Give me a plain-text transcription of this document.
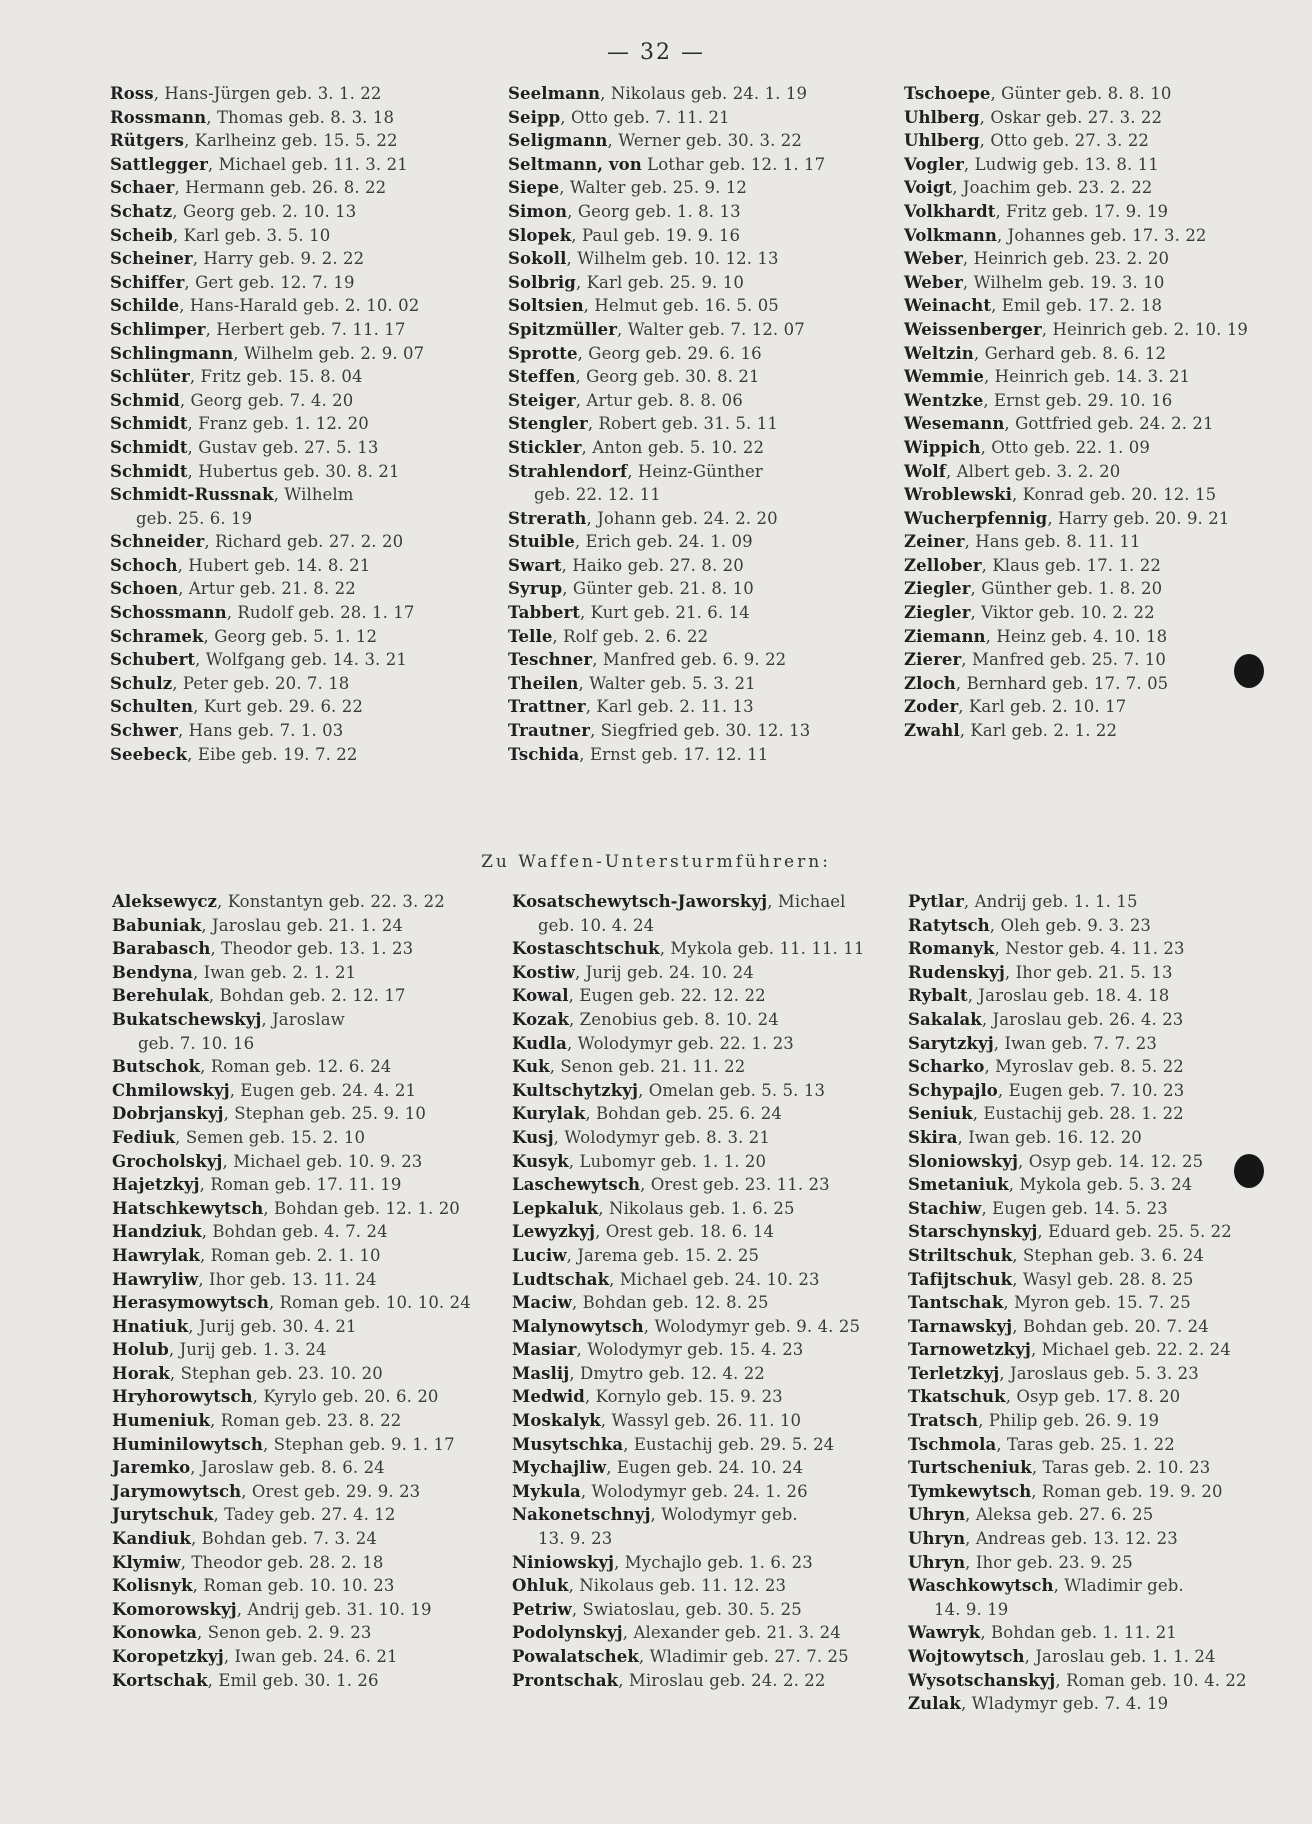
— 32 —
Ross, Hans-Jürgen geb. 3. 1. 22
Rossmann, Thomas geb. 8. 3. 18
Rütgers, Karlheinz geb. 15. 5. 22
Sattlegger, Michael geb. 11. 3. 21
Schaer, Hermann geb. 26. 8. 22
Schatz, Georg geb. 2. 10. 13
Scheib, Karl geb. 3. 5. 10
Scheiner, Harry geb. 9. 2. 22
Schiffer, Gert geb. 12. 7. 19
Schilde, Hans-Harald geb. 2. 10. 02
Schlimper, Herbert geb. 7. 11. 17
Schlingmann, Wilhelm geb. 2. 9. 07
Schlüter, Fritz geb. 15. 8. 04
Schmid, Georg geb. 7. 4. 20
Schmidt, Franz geb. 1. 12. 20
Schmidt, Gustav geb. 27. 5. 13
Schmidt, Hubertus geb. 30. 8. 21
Schmidt-Russnak, Wilhelm
geb. 25. 6. 19
Schneider, Richard geb. 27. 2. 20
Schoch, Hubert geb. 14. 8. 21
Schoen, Artur geb. 21. 8. 22
Schossmann, Rudolf geb. 28. 1. 17
Schramek, Georg geb. 5. 1. 12
Schubert, Wolfgang geb. 14. 3. 21
Schulz, Peter geb. 20. 7. 18
Schulten, Kurt geb. 29. 6. 22
Schwer, Hans geb. 7. 1. 03
Seebeck, Eibe geb. 19. 7. 22
Seelmann, Nikolaus geb. 24. 1. 19
Seipp, Otto geb. 7. 11. 21
Seligmann, Werner geb. 30. 3. 22
Seltmann, von Lothar geb. 12. 1. 17
Siepe, Walter geb. 25. 9. 12
Simon, Georg geb. 1. 8. 13
Slopek, Paul geb. 19. 9. 16
Sokoll, Wilhelm geb. 10. 12. 13
Solbrig, Karl geb. 25. 9. 10
Soltsien, Helmut geb. 16. 5. 05
Spitzmüller, Walter geb. 7. 12. 07
Sprotte, Georg geb. 29. 6. 16
Steffen, Georg geb. 30. 8. 21
Steiger, Artur geb. 8. 8. 06
Stengler, Robert geb. 31. 5. 11
Stickler, Anton geb. 5. 10. 22
Strahlendorf, Heinz-Günther
geb. 22. 12. 11
Strerath, Johann geb. 24. 2. 20
Stuible, Erich geb. 24. 1. 09
Swart, Haiko geb. 27. 8. 20
Syrup, Günter geb. 21. 8. 10
Tabbert, Kurt geb. 21. 6. 14
Telle, Rolf geb. 2. 6. 22
Teschner, Manfred geb. 6. 9. 22
Theilen, Walter geb. 5. 3. 21
Trattner, Karl geb. 2. 11. 13
Trautner, Siegfried geb. 30. 12. 13
Tschida, Ernst geb. 17. 12. 11
Tschoepe, Günter geb. 8. 8. 10
Uhlberg, Oskar geb. 27. 3. 22
Uhlberg, Otto geb. 27. 3. 22
Vogler, Ludwig geb. 13. 8. 11
Voigt, Joachim geb. 23. 2. 22
Volkhardt, Fritz geb. 17. 9. 19
Volkmann, Johannes geb. 17. 3. 22
Weber, Heinrich geb. 23. 2. 20
Weber, Wilhelm geb. 19. 3. 10
Weinacht, Emil geb. 17. 2. 18
Weissenberger, Heinrich geb. 2. 10. 19
Weltzin, Gerhard geb. 8. 6. 12
Wemmie, Heinrich geb. 14. 3. 21
Wentzke, Ernst geb. 29. 10. 16
Wesemann, Gottfried geb. 24. 2. 21
Wippich, Otto geb. 22. 1. 09
Wolf, Albert geb. 3. 2. 20
Wroblewski, Konrad geb. 20. 12. 15
Wucherpfennig, Harry geb. 20. 9. 21
Zeiner, Hans geb. 8. 11. 11
Zellober, Klaus geb. 17. 1. 22
Ziegler, Günther geb. 1. 8. 20
Ziegler, Viktor geb. 10. 2. 22
Ziemann, Heinz geb. 4. 10. 18
Zierer, Manfred geb. 25. 7. 10
Zloch, Bernhard geb. 17. 7. 05
Zoder, Karl geb. 2. 10. 17
Zwahl, Karl geb. 2. 1. 22
Zu Waffen-Untersturmführern:
Aleksewycz, Konstantyn geb. 22. 3. 22
Babuniak, Jaroslau geb. 21. 1. 24
Barabasch, Theodor geb. 13. 1. 23
Bendyna, Iwan geb. 2. 1. 21
Berehulak, Bohdan geb. 2. 12. 17
Bukatschewskyj, Jaroslaw
geb. 7. 10. 16
Butschok, Roman geb. 12. 6. 24
Chmilowskyj, Eugen geb. 24. 4. 21
Dobrjanskyj, Stephan geb. 25. 9. 10
Fediuk, Semen geb. 15. 2. 10
Grocholskyj, Michael geb. 10. 9. 23
Hajetzkyj, Roman geb. 17. 11. 19
Hatschkewytsch, Bohdan geb. 12. 1. 20
Handziuk, Bohdan geb. 4. 7. 24
Hawrylak, Roman geb. 2. 1. 10
Hawryliw, Ihor geb. 13. 11. 24
Herasymowytsch, Roman geb. 10. 10. 24
Hnatiuk, Jurij geb. 30. 4. 21
Holub, Jurij geb. 1. 3. 24
Horak, Stephan geb. 23. 10. 20
Hryhorowytsch, Kyrylo geb. 20. 6. 20
Humeniuk, Roman geb. 23. 8. 22
Huminilowytsch, Stephan geb. 9. 1. 17
Jaremko, Jaroslaw geb. 8. 6. 24
Jarymowytsch, Orest geb. 29. 9. 23
Jurytschuk, Tadey geb. 27. 4. 12
Kandiuk, Bohdan geb. 7. 3. 24
Klymiw, Theodor geb. 28. 2. 18
Kolisnyk, Roman geb. 10. 10. 23
Komorowskyj, Andrij geb. 31. 10. 19
Konowka, Senon geb. 2. 9. 23
Koropetzkyj, Iwan geb. 24. 6. 21
Kortschak, Emil geb. 30. 1. 26
Kosatschewytsch-Jaworskyj, Michael
geb. 10. 4. 24
Kostaschtschuk, Mykola geb. 11. 11. 11
Kostiw, Jurij geb. 24. 10. 24
Kowal, Eugen geb. 22. 12. 22
Kozak, Zenobius geb. 8. 10. 24
Kudla, Wolodymyr geb. 22. 1. 23
Kuk, Senon geb. 21. 11. 22
Kultschytzkyj, Omelan geb. 5. 5. 13
Kurylak, Bohdan geb. 25. 6. 24
Kusj, Wolodymyr geb. 8. 3. 21
Kusyk, Lubomyr geb. 1. 1. 20
Laschewytsch, Orest geb. 23. 11. 23
Lepkaluk, Nikolaus geb. 1. 6. 25
Lewyzkyj, Orest geb. 18. 6. 14
Luciw, Jarema geb. 15. 2. 25
Ludtschak, Michael geb. 24. 10. 23
Maciw, Bohdan geb. 12. 8. 25
Malynowytsch, Wolodymyr geb. 9. 4. 25
Masiar, Wolodymyr geb. 15. 4. 23
Maslij, Dmytro geb. 12. 4. 22
Medwid, Kornylo geb. 15. 9. 23
Moskalyk, Wassyl geb. 26. 11. 10
Musytschka, Eustachij geb. 29. 5. 24
Mychajliw, Eugen geb. 24. 10. 24
Mykula, Wolodymyr geb. 24. 1. 26
Nakonetschnyj, Wolodymyr geb.
13. 9. 23
Niniowskyj, Mychajlo geb. 1. 6. 23
Ohluk, Nikolaus geb. 11. 12. 23
Petriw, Swiatoslau, geb. 30. 5. 25
Podolynskyj, Alexander geb. 21. 3. 24
Powalatschek, Wladimir geb. 27. 7. 25
Prontschak, Miroslau geb. 24. 2. 22
Pytlar, Andrij geb. 1. 1. 15
Ratytsch, Oleh geb. 9. 3. 23
Romanyk, Nestor geb. 4. 11. 23
Rudenskyj, Ihor geb. 21. 5. 13
Rybalt, Jaroslau geb. 18. 4. 18
Sakalak, Jaroslau geb. 26. 4. 23
Sarytzkyj, Iwan geb. 7. 7. 23
Scharko, Myroslav geb. 8. 5. 22
Schypajlo, Eugen geb. 7. 10. 23
Seniuk, Eustachij geb. 28. 1. 22
Skira, Iwan geb. 16. 12. 20
Sloniowskyj, Osyp geb. 14. 12. 25
Smetaniuk, Mykola geb. 5. 3. 24
Stachiw, Eugen geb. 14. 5. 23
Starschynskyj, Eduard geb. 25. 5. 22
Striltschuk, Stephan geb. 3. 6. 24
Tafijtschuk, Wasyl geb. 28. 8. 25
Tantschak, Myron geb. 15. 7. 25
Tarnawskyj, Bohdan geb. 20. 7. 24
Tarnowetzkyj, Michael geb. 22. 2. 24
Terletzkyj, Jaroslaus geb. 5. 3. 23
Tkatschuk, Osyp geb. 17. 8. 20
Tratsch, Philip geb. 26. 9. 19
Tschmola, Taras geb. 25. 1. 22
Turtscheniuk, Taras geb. 2. 10. 23
Tymkewytsch, Roman geb. 19. 9. 20
Uhryn, Aleksa geb. 27. 6. 25
Uhryn, Andreas geb. 13. 12. 23
Uhryn, Ihor geb. 23. 9. 25
Waschkowytsch, Wladimir geb.
14. 9. 19
Wawryk, Bohdan geb. 1. 11. 21
Wojtowytsch, Jaroslau geb. 1. 1. 24
Wysotschanskyj, Roman geb. 10. 4. 22
Zulak, Wladymyr geb. 7. 4. 19
